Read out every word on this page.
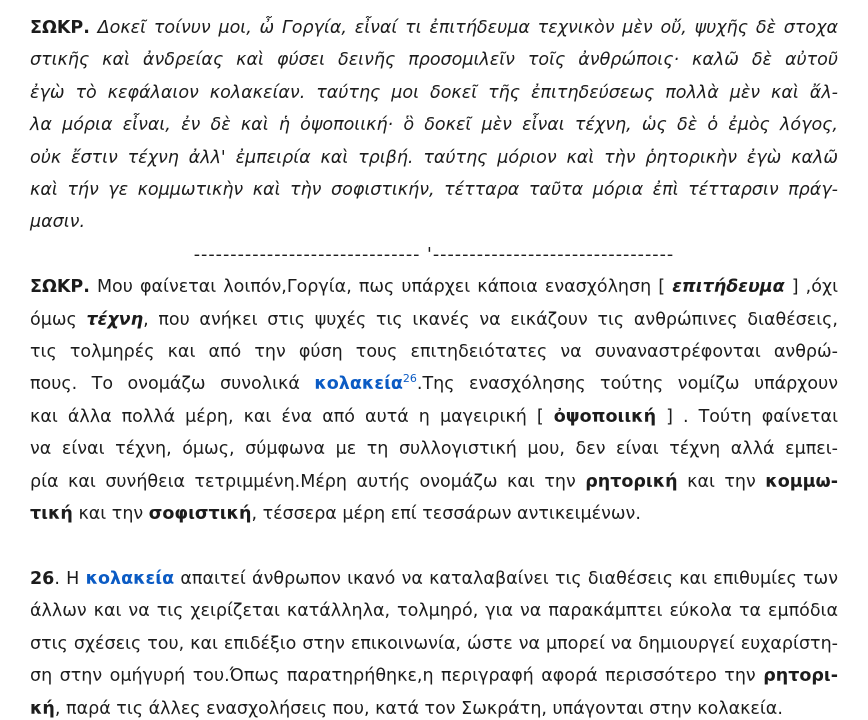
ΣΩΚΡ. Δοκεῖ τοίνυν μοι, ὦ Γοργία, εἶναί τι ἐπιτήδευμα τεχνικὸν μὲν οὔ, ψυχῆς δὲ στοχα
στικῆς καὶ ἀνδρείας καὶ φύσει δεινῆς προσομιλεῖν τοῖς ἀνθρώποις· καλῶ δὲ αὐτοῦ
ἐγὼ τὸ κεφάλαιον κολακείαν. ταύτης μοι δοκεῖ τῆς ἐπιτηδεύσεως πολλὰ μὲν καὶ ἄλ-
λα μόρια εἶναι, ἐν δὲ καὶ ἡ ὀψοποιική· ὃ δοκεῖ μὲν εἶναι τέχνη, ὡς δὲ ὁ ἐμὸς λόγος,
οὐκ ἔστιν τέχνη ἀλλ' ἐμπειρία καὶ τριβή. ταύτης μόριον καὶ τὴν ῥητορικὴν ἐγὼ καλῶ
καὶ τήν γε κομμωτικὴν καὶ τὴν σοφιστικήν, τέτταρα ταῦτα μόρια ἐπὶ τέτταρσιν πράγ-
μασιν.
------------------------------- '---------------------------------
ΣΩΚΡ. Μου φαίνεται λοιπόν,Γοργία, πως υπάρχει κάποια ενασχόληση [ επιτήδευμα ] ,όχι
όμως τέχνη, που ανήκει στις ψυχές τις ικανές να εικάζουν τις ανθρώπινες διαθέσεις,
τις τολμηρές και από την φύση τους επιτηδειότατες να συναναστρέφονται ανθρώ-
πους. Το ονομάζω συνολικά κολακεία$^{26}$.Της ενασχόλησης τούτης νομίζω υπάρχουν
και άλλα πολλά μέρη, και ένα από αυτά η μαγειρική [ ὀψοποιική ] . Τούτη φαίνεται
να είναι τέχνη, όμως, σύμφωνα με τη συλλογιστική μου, δεν είναι τέχνη αλλά εμπει-
ρία και συνήθεια τετριμμένη.Μέρη αυτής ονομάζω και την ρητορική και την κομμω-
τική και την σοφιστική, τέσσερα μέρη επί τεσσάρων αντικειμένων.
26. Η κολακεία απαιτεί άνθρωπον ικανό να καταλαβαίνει τις διαθέσεις και επιθυμίες των
άλλων και να τις χειρίζεται κατάλληλα, τολμηρό, για να παρακάμπτει εύκολα τα εμπόδια
στις σχέσεις του, και επιδέξιο στην επικοινωνία, ώστε να μπορεί να δημιουργεί ευχαρίστη-
ση στην ομήγυρή του.Όπως παρατηρήθηκε,η περιγραφή αφορά περισσότερο την ρητορι-
κή, παρά τις άλλες ενασχολήσεις που, κατά τον Σωκράτη, υπάγονται στην κολακεία.
